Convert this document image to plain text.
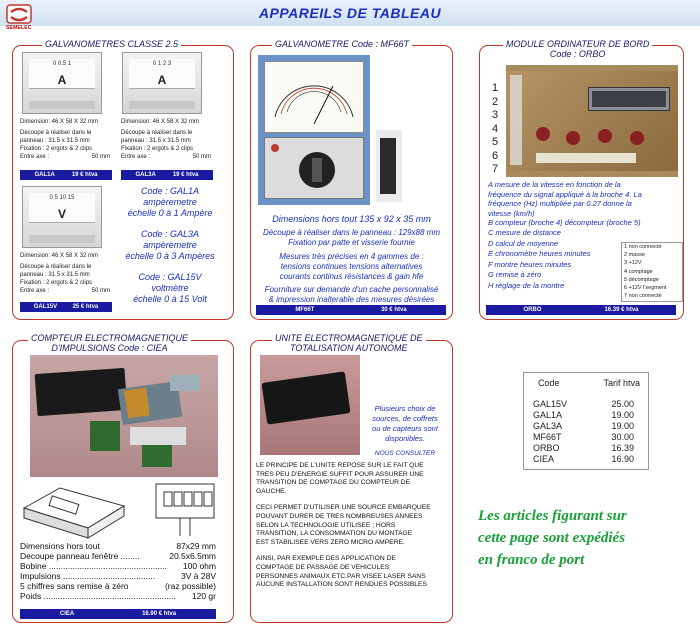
SEMELEC
APPAREILS DE TABLEAU
GALVANOMETRES CLASSE 2.5
0 0.5 1
A
Dimension: 46 X 58 X 32 mm
Découpe à réaliser dans le
panneau : 31.5 x 31.5 mm
Fixation : 2 ergots & 2 clips
Entre axe :	50 mm
GAL1A	19 € htva
0 1 2 3
A
Dimension: 46 X 58 X 32 mm
Découpe à réaliser dans le
panneau : 31.5 x 31.5 mm
Fixation : 2 ergots & 2 clips
Entre axe :	50 mm
GAL3A	19 € htva
0 5 10 15
V
Dimension: 46 X 58 X 32 mm
Découpe à réaliser dans le
panneau : 31.5 x 31.5 mm
Fixation : 2 ergots & 2 clips
Entre axe :	50 mm
GAL15V	25 € htva
Code : GAL1A
ampèremetre
échelle 0 à 1 Ampère
Code : GAL3A
ampèremetre
échelle 0 à 3 Ampères
Code : GAL15V
voltmètre
échelle 0 à 15 Volt
GALVANOMETRE Code : MF66T
Dimensions hors tout 135 x 92 x 35 mm
Découpe à réaliser dans le panneau : 129x88 mm
Fixation par patte et visserie fournie
Mesures très précises en 4 gammes de :
tensions continues tensions alternatives
courants continus résistances & gain hfe
Fourniture sur demande d'un cache personnalisé
& impression inalterable des mesures désirées
MF66T	30 € htva
MODULE ORDINATEUR DE BORD
Code : ORBO
1
2
3
4
5
6
7
A mesure de la vitesse en fonction de la
fréquence du signal appliqué à la broche 4. La
fréquence (Hz) multipliée par 0.27 donne la
vitesse (km/h)
B compteur (broche 4) décompteur (broche 5)
C mesure de distance
D calcul de moyenne
E chronomètre heures minutes
F montre heures minutes
G remise à zéro
H réglage de la montre
1 non connecté
2 masse
3 +12V
4 comptage
5 décomptage
6 +12V l'segment
7 non connecté
ORBO	16.39 € htva
COMPTEUR ELECTROMAGNETIQUE
D'IMPULSIONS Code : CIEA
Dimensions hors tout	87x29 mm
Decoupe panneau fenêtre ........	20.5x6.5mm
Bobine .................................................. 100 ohm
Impulsions .......................................	3V à 28V
5 chiffres sans remise à zéro	(raz possible)
Poids ........................................................ 120 gr
CIEA	16.90 € htva
UNITE ELECTROMAGNETIQUE DE
TOTALISATION AUTONOME
Plusieurs choix de
sources, de coffrets
ou de capteurs sont
disponibles.
NOUS CONSULTER
LE PRINCIPE DE L'UNITE REPOSE SUR LE FAIT QUE
TRES PEU D'ENERGIE SUFFIT POUR ASSURER UNE
TRANSITION DE COMPTAGE DU COMPTEUR DE
GAUCHE.
CECI PERMET D'UTILISER UNE SOURCE EMBARQUEE
POUVANT DURER DE TRES NOMBREUSES ANNEES
SELON LA TECHNOLOGIE UTILISEE ; HORS
TRANSITION, LA CONSOMMATION DU MONTAGE
EST STABILISEE VERS ZERO MICRO AMPERE.
AINSI, PAR EXEMPLE DES APPLICATION DE
COMPTAGE DE PASSAGE DE VEHICULES
PERSONNES ANIMAUX ETC.PAR VISEE LASER SANS
AUCUNE INSTALLATION SONT RENDUES POSSIBLES
Code	Tarif htva
GAL15V	25.00
GAL1A	19.00
GAL3A	19.00
MF66T	30.00
ORBO	16.39
CIEA	16.90
Les articles figurant sur
cette page sont expédiés
en franco de port
